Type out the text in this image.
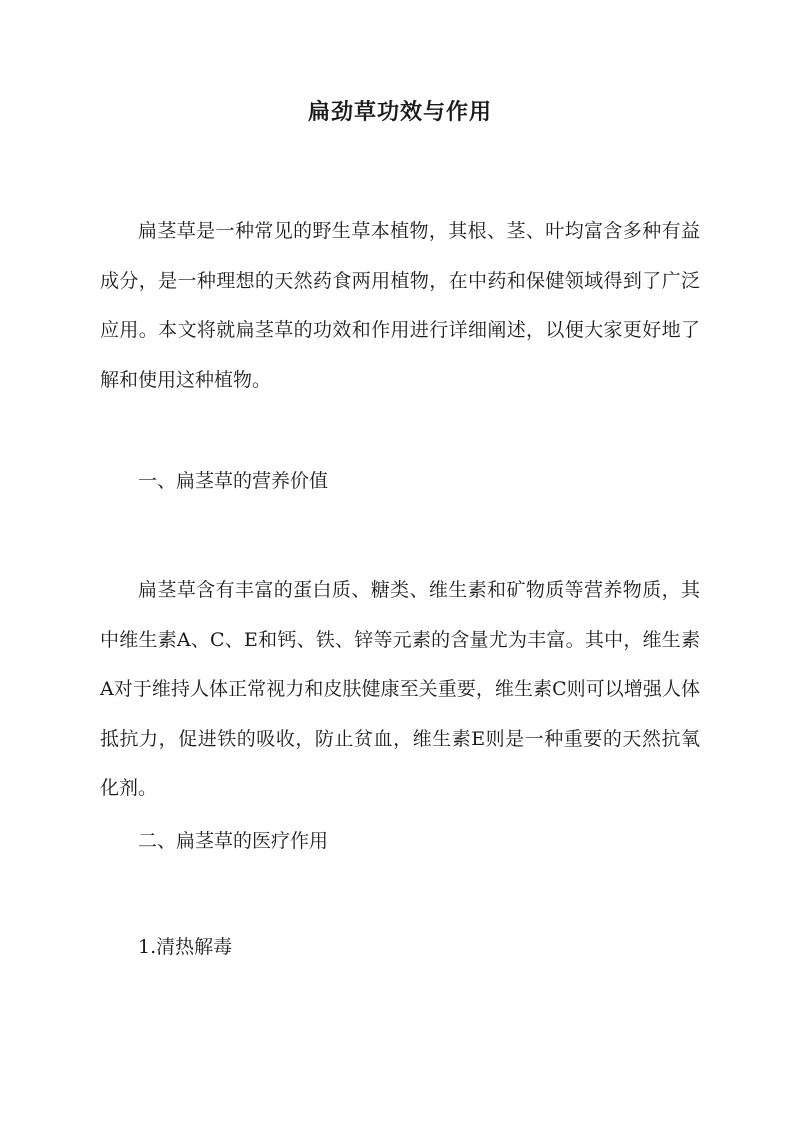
扁劲草功效与作用

扁茎草是一种常见的野生草本植物，其根、茎、叶均富含多种有益成分，是一种理想的天然药食两用植物，在中药和保健领域得到了广泛应用。本文将就扁茎草的功效和作用进行详细阐述，以便大家更好地了解和使用这种植物。

一、扁茎草的营养价值

扁茎草含有丰富的蛋白质、糖类、维生素和矿物质等营养物质，其中维生素A、C、E和钙、铁、锌等元素的含量尤为丰富。其中，维生素A对于维持人体正常视力和皮肤健康至关重要，维生素C则可以增强人体抵抗力，促进铁的吸收，防止贫血，维生素E则是一种重要的天然抗氧化剂。

二、扁茎草的医疗作用
1.清热解毒
